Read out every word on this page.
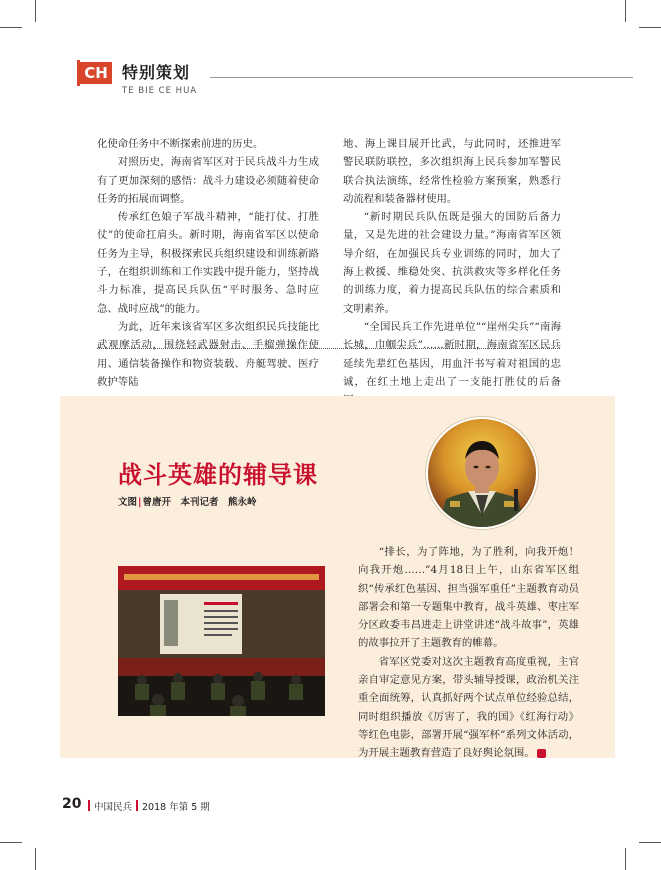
CH 特别策划
TE BIE CE HUA

化使命任务中不断探索前进的历史。

对照历史，海南省军区对于民兵战斗力生成有了更加深刻的感悟：战斗力建设必须随着使命任务的拓展而调整。

传承红色娘子军战斗精神，“能打仗、打胜仗”的使命扛肩头。新时期，海南省军区以使命任务为主导，积极探索民兵组织建设和训练新路子，在组织训练和工作实践中提升能力，坚持战斗力标准，提高民兵队伍“平时服务、急时应急、战时应战”的能力。

为此，近年来该省军区多次组织民兵技能比武观摩活动，围绕轻武器射击、手榴弹操作使用、通信装备操作和物资装载、舟艇驾驶、医疗救护等陆

地、海上课目展开比武，与此同时，还推进军警民联防联控，多次组织海上民兵参加军警民联合执法演练，经常性检验方案预案，熟悉行动流程和装备器材使用。

“新时期民兵队伍既是强大的国防后备力量，又是先进的社会建设力量。”海南省军区领导介绍，在加强民兵专业训练的同时，加大了海上救援、维稳处突、抗洪救灾等多样化任务的训练力度，着力提高民兵队伍的综合素质和文明素养。

“全国民兵工作先进单位”“崖州尖兵”“南海长城，巾帼尖兵”……新时期，海南省军区民兵延续先辈红色基因，用血汗书写着对祖国的忠诚，在红土地上走出了一支能打胜仗的后备

战斗英雄的辅导课
文图|曾唐开　本刊记者　熊永岭

“排长，为了阵地，为了胜利，向我开炮！向我开炮……”4月18日上午，山东省军区组织“传承红色基因、担当强军重任”主题教育动员部署会和第一专题集中教育，战斗英雄、枣庄军分区政委韦昌进走上讲堂讲述“战斗故事”，英雄的故事拉开了主题教育的帷幕。

省军区党委对这次主题教育高度重视，主官亲自审定意见方案，带头辅导授课，政治机关注重全面统筹，认真抓好两个试点单位经验总结，同时组织播放《厉害了，我的国》《红海行动》等红色电影，部署开展“强军杯”系列文体活动，为开展主题教育营造了良好舆论氛围。

20	中国民兵 2018 年第 5 期
